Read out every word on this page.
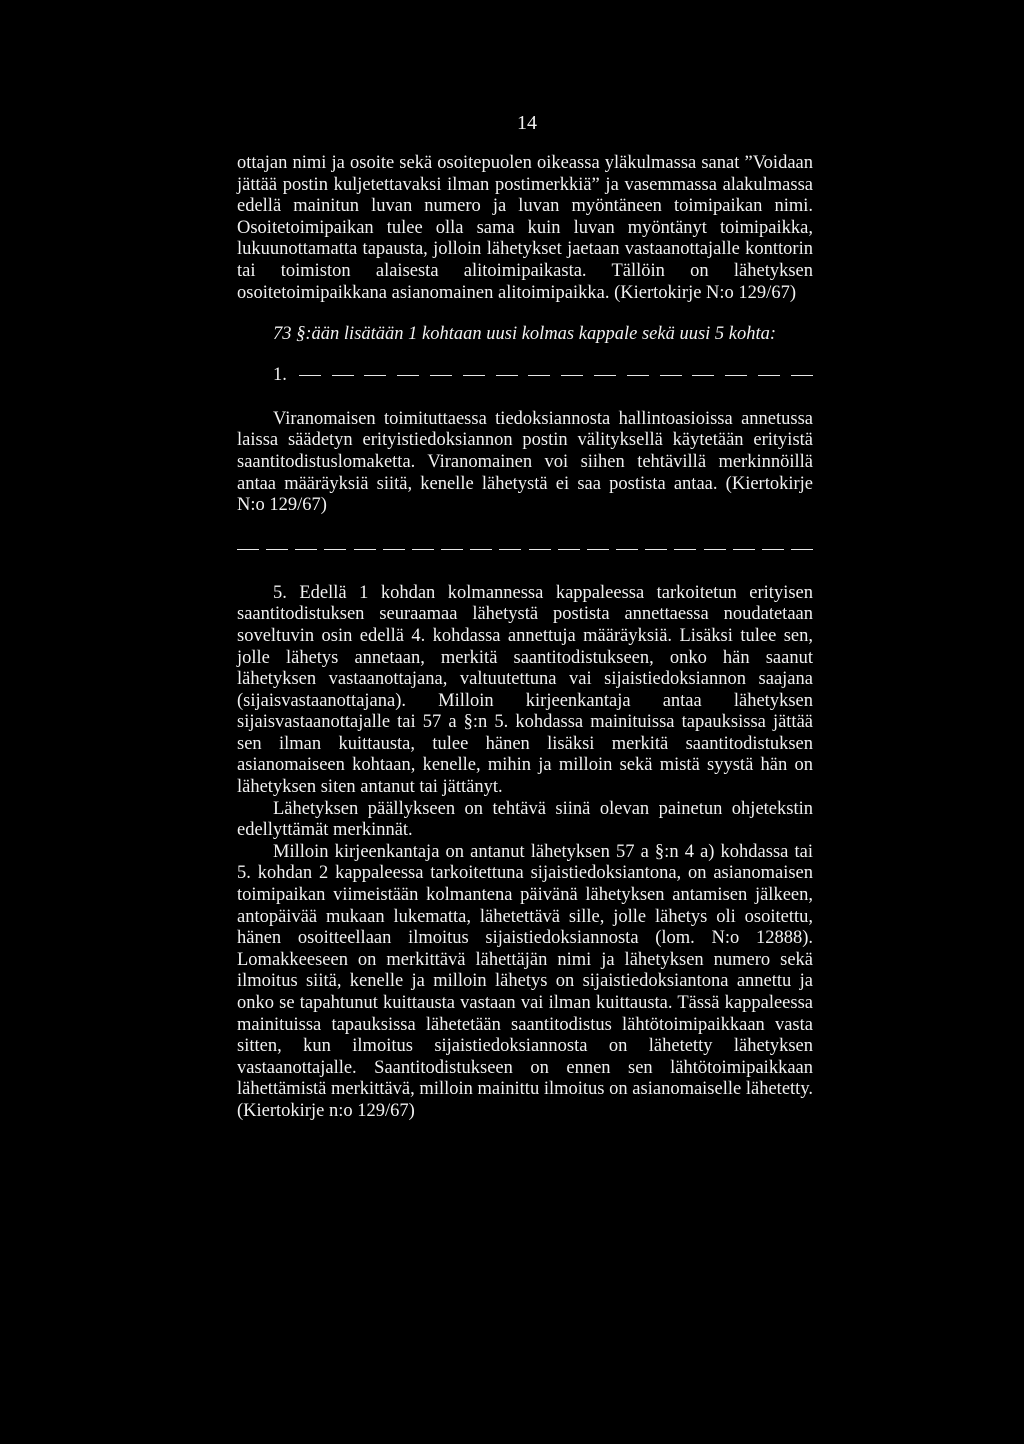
14

ottajan nimi ja osoite sekä osoitepuolen oikeassa yläkulmassa sanat ”Voidaan jättää postin kuljetettavaksi ilman postimerkkiä” ja vasemmassa alakulmassa edellä mainitun luvan numero ja luvan myöntäneen toimipaikan nimi. Osoitetoimipaikan tulee olla sama kuin luvan myöntänyt toimipaikka, lukuunottamatta tapausta, jolloin lähetykset jaetaan vastaanottajalle konttorin tai toimiston alaisesta alitoimipaikasta. Tällöin on lähetyksen osoitetoimipaikkana asianomainen alitoimipaikka. (Kiertokirje N:o 129/67)

73 §:ään lisätään 1 kohtaan uusi kolmas kappale sekä uusi 5 kohta:

1.

Viranomaisen toimituttaessa tiedoksiannosta hallintoasioissa annetussa laissa säädetyn erityistiedoksiannon postin välityksellä käytetään erityistä saantitodistuslomaketta. Viranomainen voi siihen tehtävillä merkinnöillä antaa määräyksiä siitä, kenelle lähetystä ei saa postista antaa. (Kiertokirje N:o 129/67)

5. Edellä 1 kohdan kolmannessa kappaleessa tarkoitetun erityisen saantitodistuksen seuraamaa lähetystä postista annettaessa noudatetaan soveltuvin osin edellä 4. kohdassa annettuja määräyksiä. Lisäksi tulee sen, jolle lähetys annetaan, merkitä saantitodistukseen, onko hän saanut lähetyksen vastaanottajana, valtuutettuna vai sijaistiedoksiannon saajana (sijaisvastaanottajana). Milloin kirjeenkantaja antaa lähetyksen sijaisvastaanottajalle tai 57 a §:n 5. kohdassa mainituissa tapauksissa jättää sen ilman kuittausta, tulee hänen lisäksi merkitä saantitodistuksen asianomaiseen kohtaan, kenelle, mihin ja milloin sekä mistä syystä hän on lähetyksen siten antanut tai jättänyt.

Lähetyksen päällykseen on tehtävä siinä olevan painetun ohjetekstin edellyttämät merkinnät.

Milloin kirjeenkantaja on antanut lähetyksen 57 a §:n 4 a) kohdassa tai 5. kohdan 2 kappaleessa tarkoitettuna sijaistiedoksiantona, on asianomaisen toimipaikan viimeistään kolmantena päivänä lähetyksen antamisen jälkeen, antopäivää mukaan lukematta, lähetettävä sille, jolle lähetys oli osoitettu, hänen osoitteellaan ilmoitus sijaistiedoksiannosta (lom. N:o 12888). Lomakkeeseen on merkittävä lähettäjän nimi ja lähetyksen numero sekä ilmoitus siitä, kenelle ja milloin lähetys on sijaistiedoksiantona annettu ja onko se tapahtunut kuittausta vastaan vai ilman kuittausta. Tässä kappaleessa mainituissa tapauksissa lähetetään saantitodistus lähtötoimipaikkaan vasta sitten, kun ilmoitus sijaistiedoksiannosta on lähetetty lähetyksen vastaanottajalle. Saantitodistukseen on ennen sen lähtötoimipaikkaan lähettämistä merkittävä, milloin mainittu ilmoitus on asianomaiselle lähetetty. (Kiertokirje n:o 129/67)
